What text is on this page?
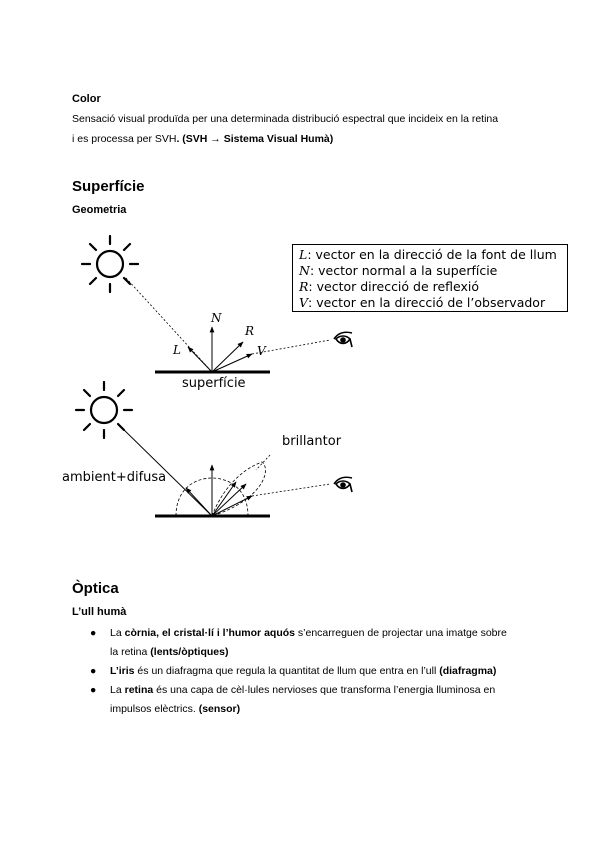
Color
Sensació visual produïda per una determinada distribució espectral que incideix en la retina
i es processa per SVH. (SVH → Sistema Visual Humà)
Superfície
Geometria
N
R
L	V
superfície
brillantor
ambient+difusa
L: vector en la direcció de la font de llum
N: vector normal a la superfície
R: vector direcció de reflexió
V: vector en la direcció de l’observador
Òptica
L’ull humà
● La còrnia, el cristal·lí i l’humor aquós s’encarreguen de projectar una imatge sobre
la retina (lents/òptiques)
● L’iris és un diafragma que regula la quantitat de llum que entra en l’ull (diafragma)
● La retina és una capa de cèl·lules nervioses que transforma l’energia lluminosa en
impulsos elèctrics. (sensor)
